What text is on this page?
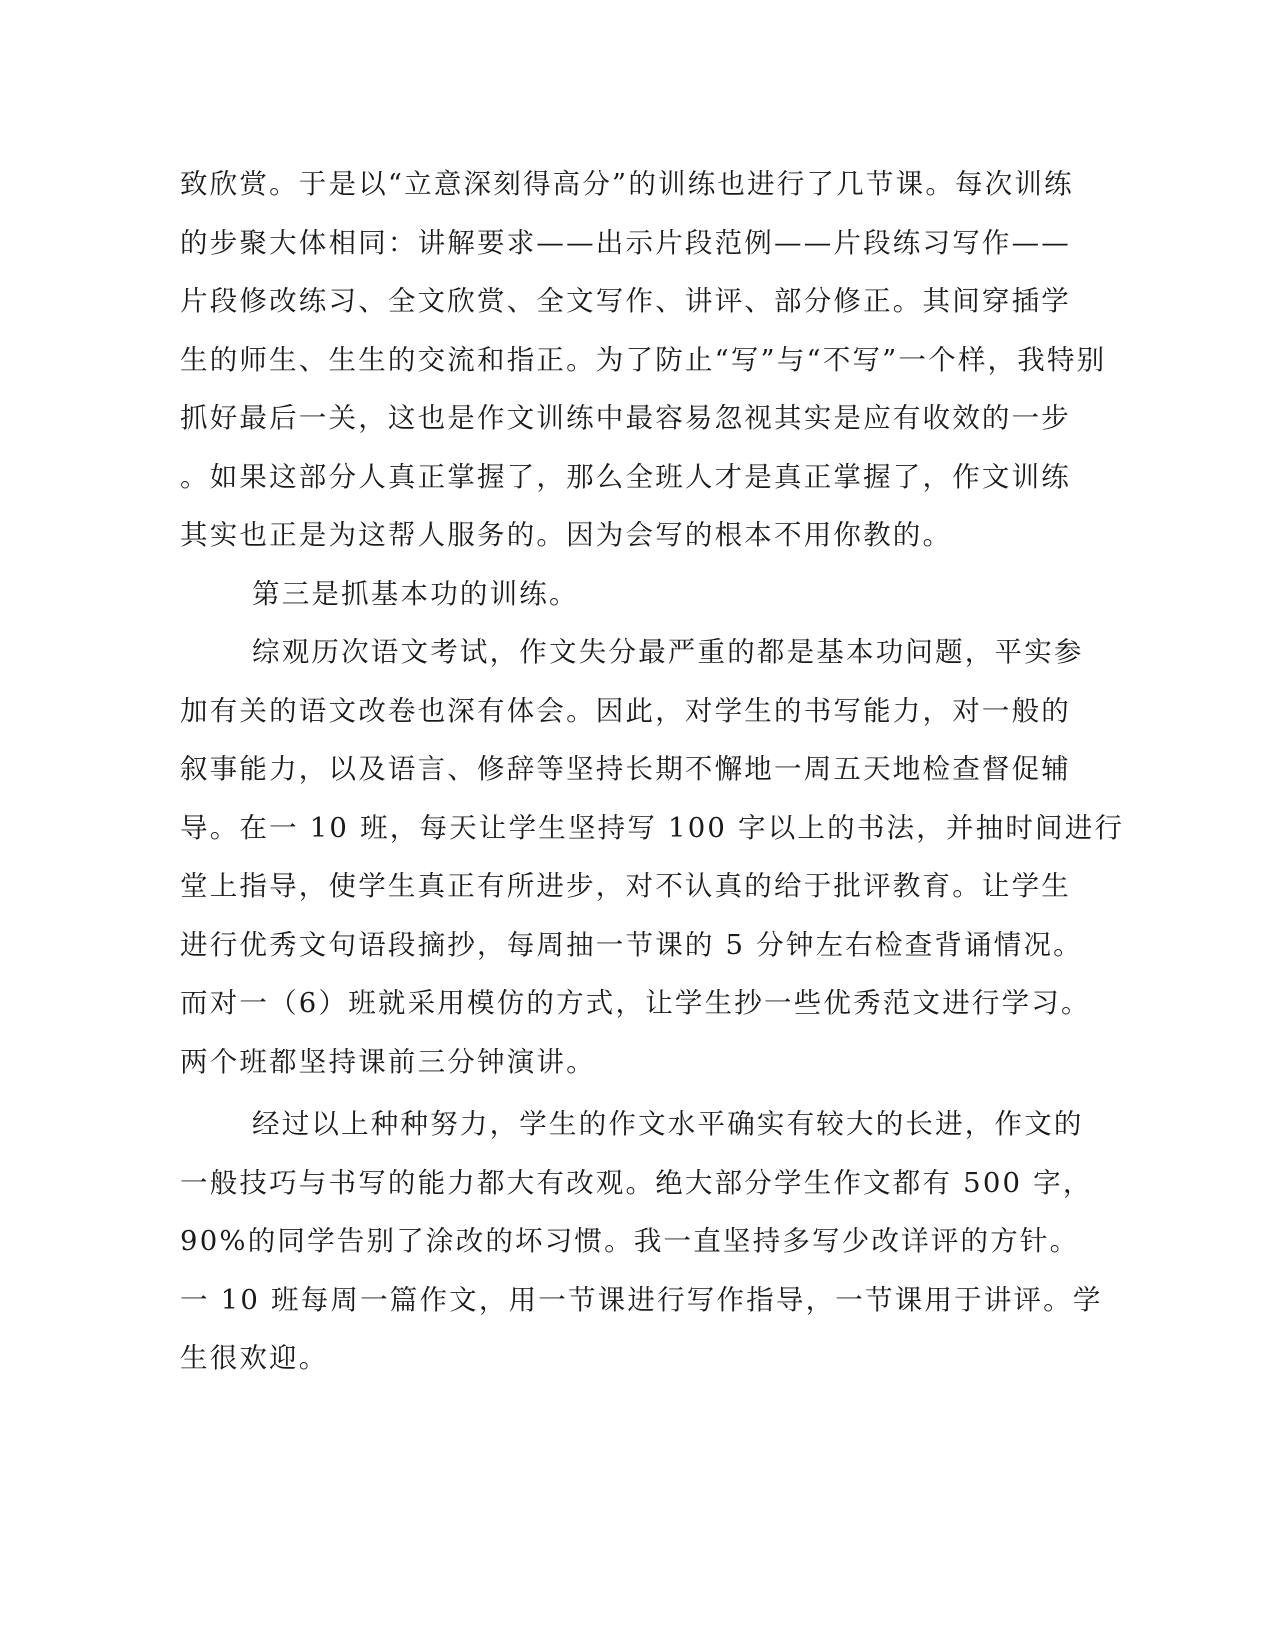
致欣赏。于是以“立意深刻得高分”的训练也进行了几节课。每次训练
的步聚大体相同：讲解要求——出示片段范例——片段练习写作——
片段修改练习、全文欣赏、全文写作、讲评、部分修正。其间穿插学
生的师生、生生的交流和指正。为了防止“写”与“不写”一个样，我特别
抓好最后一关，这也是作文训练中最容易忽视其实是应有收效的一步
。如果这部分人真正掌握了，那么全班人才是真正掌握了，作文训练
其实也正是为这帮人服务的。因为会写的根本不用你教的。
第三是抓基本功的训练。
综观历次语文考试，作文失分最严重的都是基本功问题，平实参
加有关的语文改卷也深有体会。因此，对学生的书写能力，对一般的
叙事能力，以及语言、修辞等坚持长期不懈地一周五天地检查督促辅
导。在一 10 班，每天让学生坚持写 100 字以上的书法，并抽时间进行
堂上指导，使学生真正有所进步，对不认真的给于批评教育。让学生
进行优秀文句语段摘抄，每周抽一节课的 5 分钟左右检查背诵情况。
而对一（6）班就采用模仿的方式，让学生抄一些优秀范文进行学习。
两个班都坚持课前三分钟演讲。
经过以上种种努力，学生的作文水平确实有较大的长进，作文的
一般技巧与书写的能力都大有改观。绝大部分学生作文都有 500 字，
90%的同学告别了涂改的坏习惯。我一直坚持多写少改详评的方针。
一 10 班每周一篇作文，用一节课进行写作指导，一节课用于讲评。学
生很欢迎。
